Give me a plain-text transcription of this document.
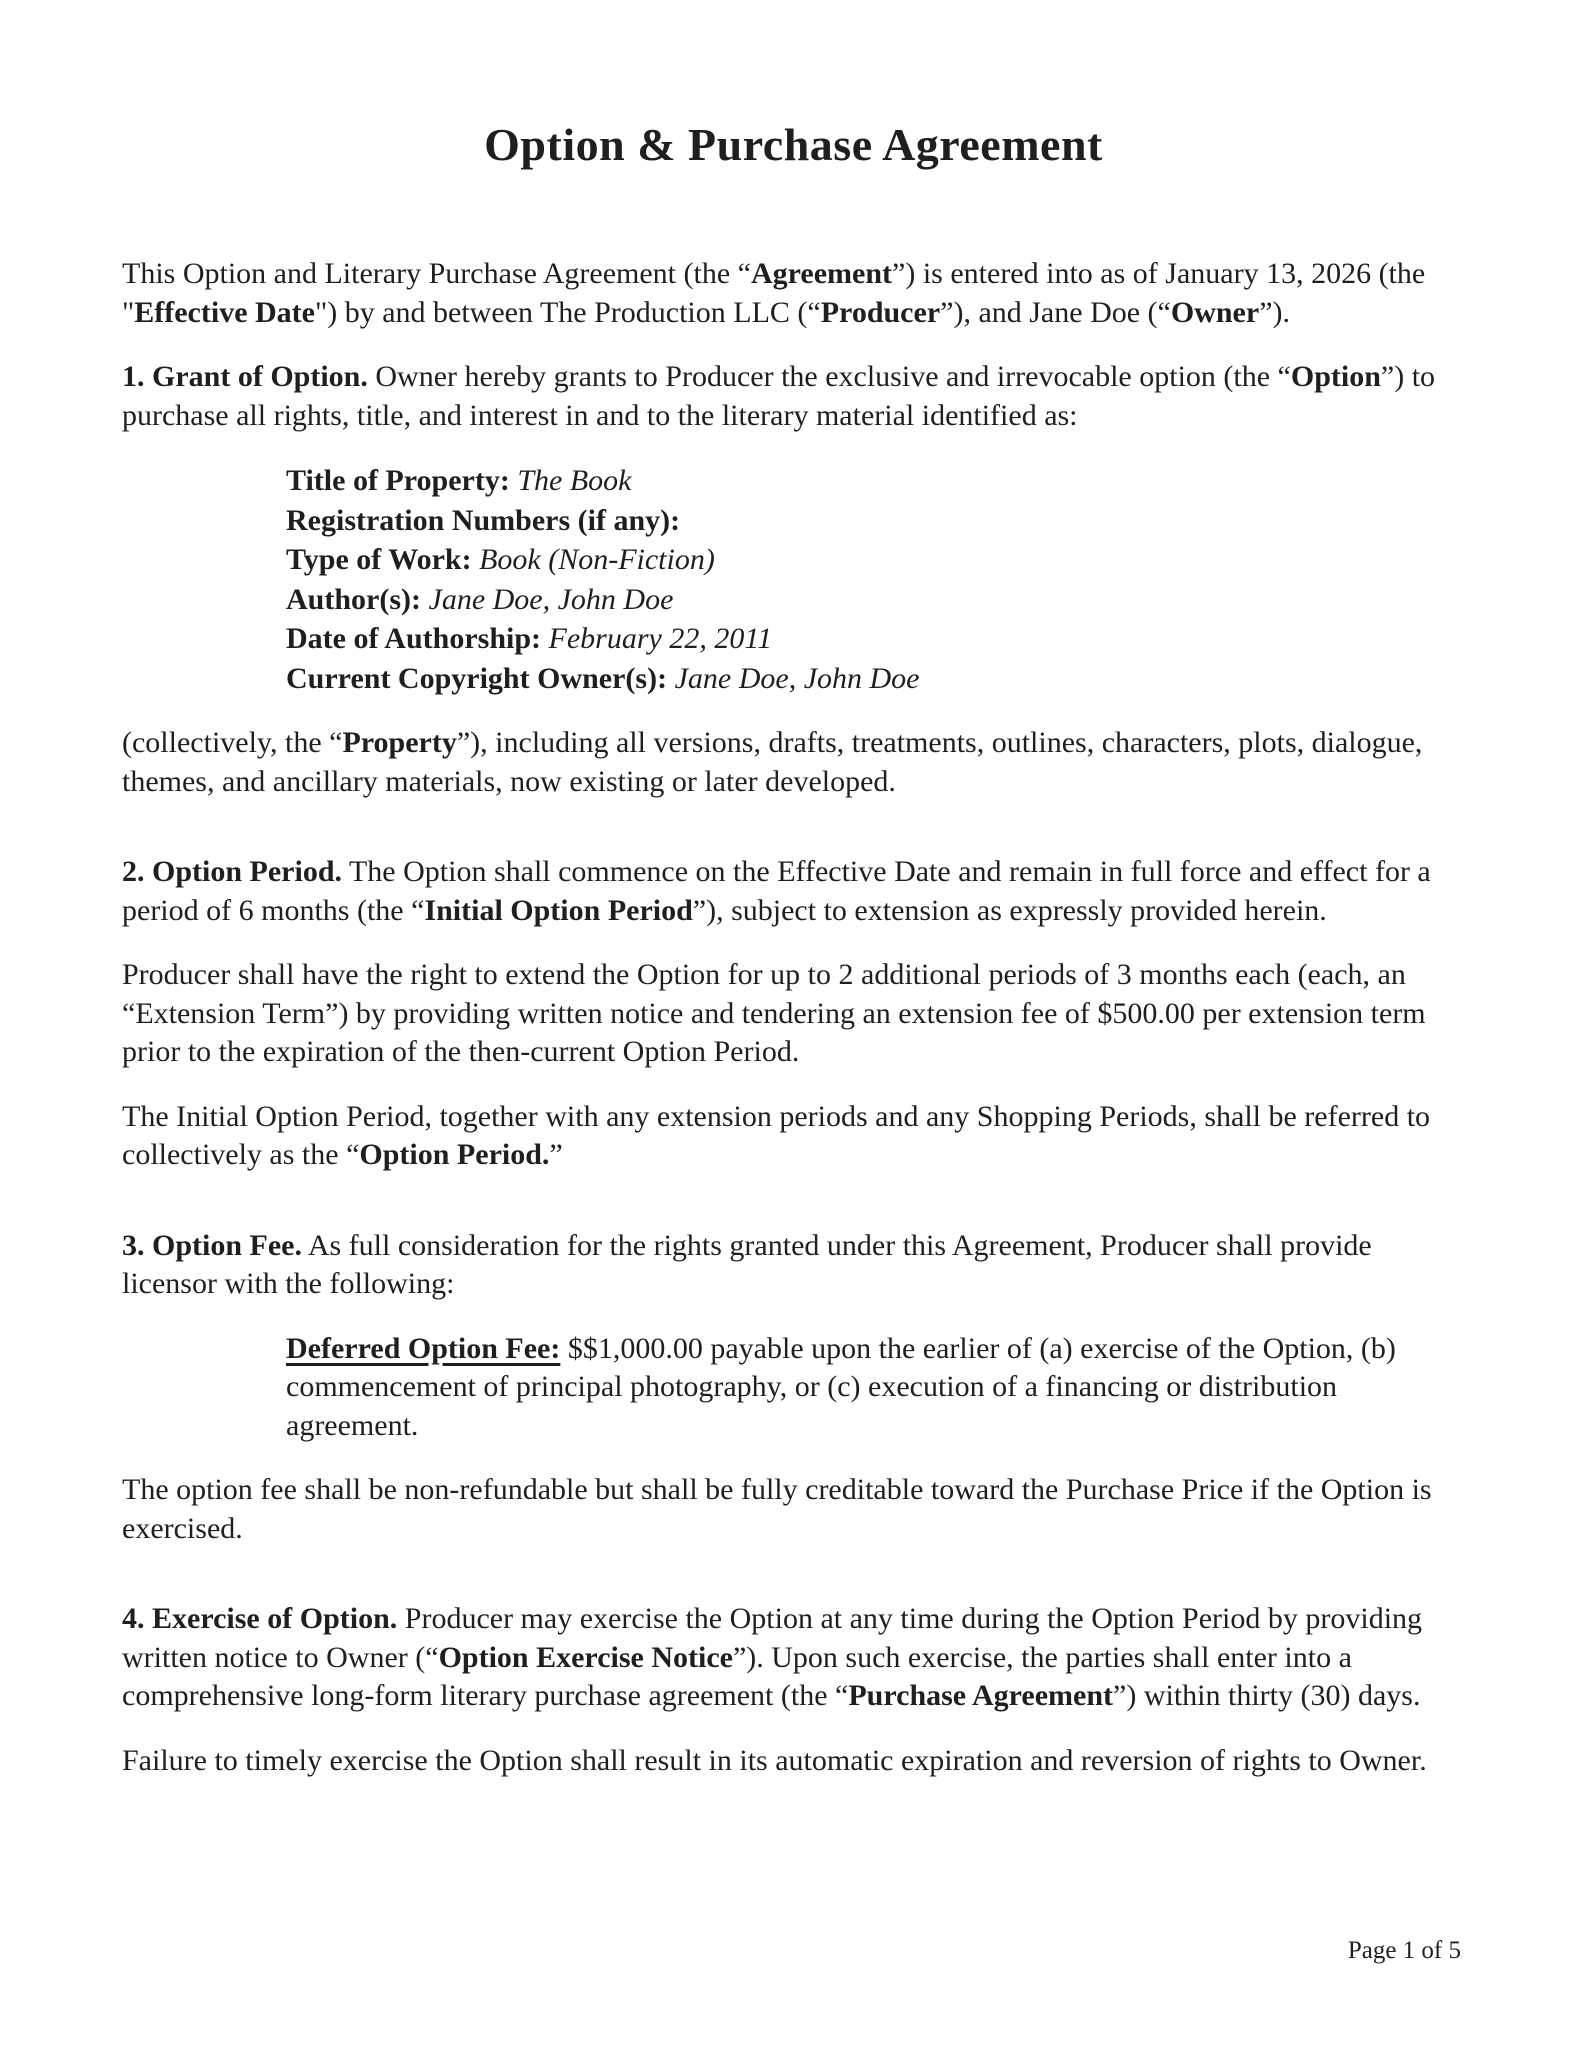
Option & Purchase Agreement
This Option and Literary Purchase Agreement (the “Agreement”) is entered into as of January 13, 2026 (the "Effective Date") by and between The Production LLC (“Producer”), and Jane Doe (“Owner”).
1. Grant of Option. Owner hereby grants to Producer the exclusive and irrevocable option (the “Option”) to purchase all rights, title, and interest in and to the literary material identified as:
Title of Property: The Book
Registration Numbers (if any):
Type of Work: Book (Non-Fiction)
Author(s): Jane Doe, John Doe
Date of Authorship: February 22, 2011
Current Copyright Owner(s): Jane Doe, John Doe
(collectively, the “Property”), including all versions, drafts, treatments, outlines, characters, plots, dialogue, themes, and ancillary materials, now existing or later developed.
2. Option Period. The Option shall commence on the Effective Date and remain in full force and effect for a period of 6 months (the “Initial Option Period”), subject to extension as expressly provided herein.
Producer shall have the right to extend the Option for up to 2 additional periods of 3 months each (each, an “Extension Term”) by providing written notice and tendering an extension fee of $500.00 per extension term prior to the expiration of the then-current Option Period.
The Initial Option Period, together with any extension periods and any Shopping Periods, shall be referred to collectively as the “Option Period.”
3. Option Fee. As full consideration for the rights granted under this Agreement, Producer shall provide licensor with the following:
Deferred Option Fee: $$1,000.00 payable upon the earlier of (a) exercise of the Option, (b) commencement of principal photography, or (c) execution of a financing or distribution agreement.
The option fee shall be non-refundable but shall be fully creditable toward the Purchase Price if the Option is exercised.
4. Exercise of Option. Producer may exercise the Option at any time during the Option Period by providing written notice to Owner (“Option Exercise Notice”). Upon such exercise, the parties shall enter into a comprehensive long-form literary purchase agreement (the “Purchase Agreement”) within thirty (30) days.
Failure to timely exercise the Option shall result in its automatic expiration and reversion of rights to Owner.
Page 1 of 5
